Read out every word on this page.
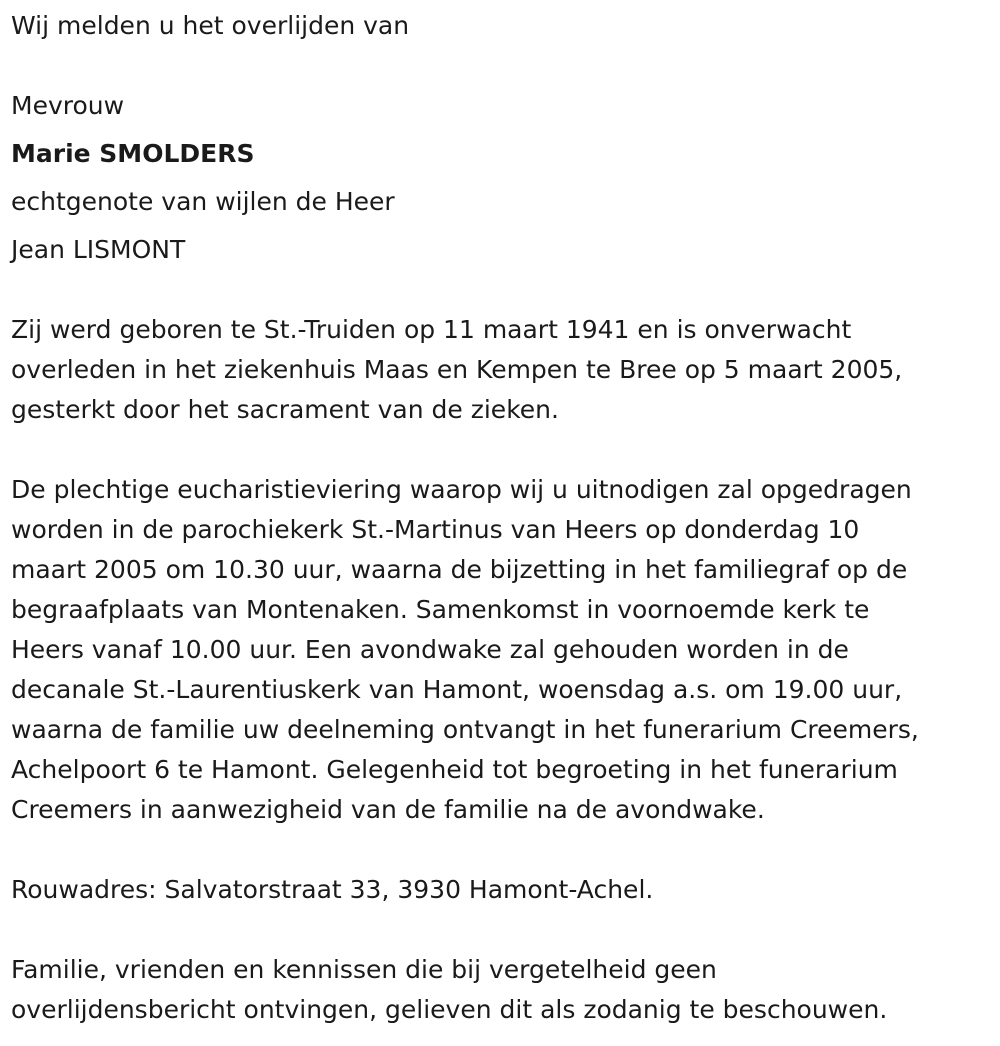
Wij melden u het overlijden van
Mevrouw
Marie SMOLDERS
echtgenote van wijlen de Heer
Jean LISMONT
Zij werd geboren te St.-Truiden op 11 maart 1941 en is onverwacht
overleden in het ziekenhuis Maas en Kempen te Bree op 5 maart 2005,
gesterkt door het sacrament van de zieken.
De plechtige eucharistieviering waarop wij u uitnodigen zal opgedragen
worden in de parochiekerk St.-Martinus van Heers op donderdag 10
maart 2005 om 10.30 uur, waarna de bijzetting in het familiegraf op de
begraafplaats van Montenaken. Samenkomst in voornoemde kerk te
Heers vanaf 10.00 uur. Een avondwake zal gehouden worden in de
decanale St.-Laurentiuskerk van Hamont, woensdag a.s. om 19.00 uur,
waarna de familie uw deelneming ontvangt in het funerarium Creemers,
Achelpoort 6 te Hamont. Gelegenheid tot begroeting in het funerarium
Creemers in aanwezigheid van de familie na de avondwake.
Rouwadres: Salvatorstraat 33, 3930 Hamont-Achel.
Familie, vrienden en kennissen die bij vergetelheid geen
overlijdensbericht ontvingen, gelieven dit als zodanig te beschouwen.
